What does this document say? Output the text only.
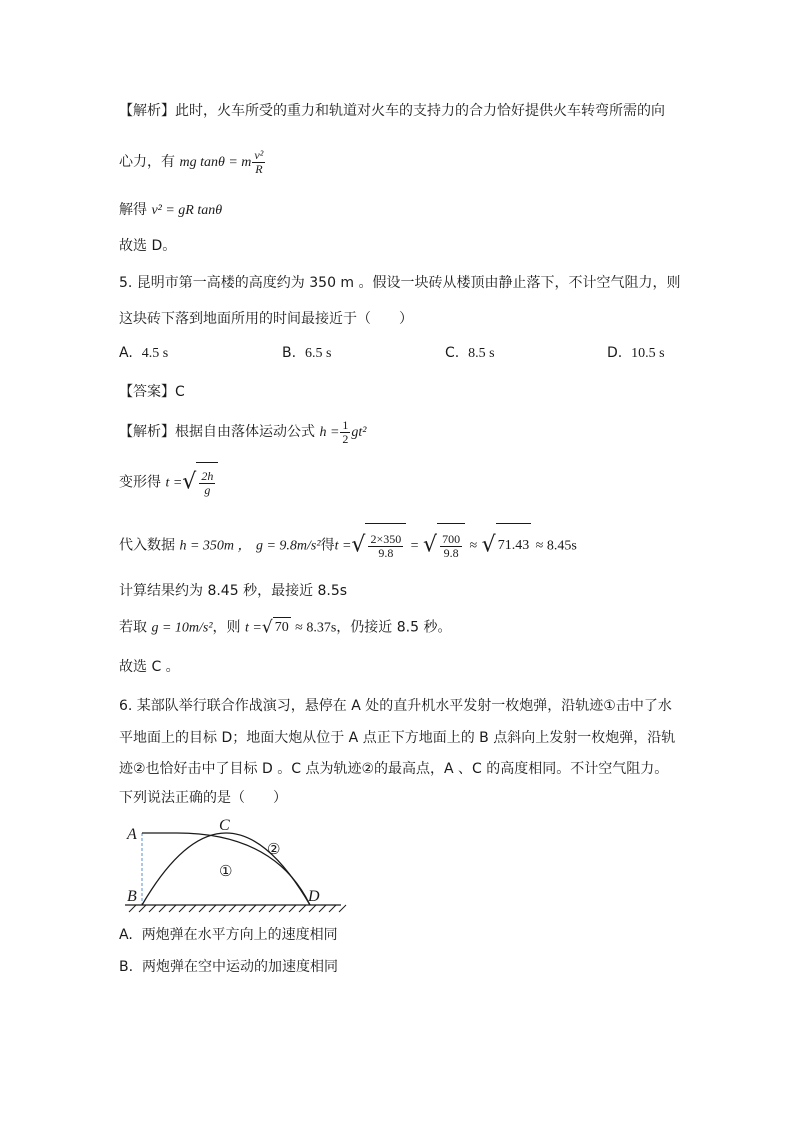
【解析】此时，火车所受的重力和轨道对火车的支持力的合力恰好提供火车转弯所需的向
心力，有 mg tanθ = m $\frac{\text{v²}}{R}$
解得 v² = gR tanθ
故选 D。
5. 昆明市第一高楼的高度约为 350 m 。假设一块砖从楼顶由静止落下，不计空气阻力，则
这块砖下落到地面所用的时间最接近于（　　）
A. 4.5 s	B. 6.5 s	C. 8.5 s	D. 10.5 s
【答案】C
【解析】根据自由落体运动公式 $h = \frac{1}{2} gt^2$
变形得 t =√ $\frac{2h}{g}$
代入数据 h = 350m ， g = 9.8m/s²得t =√ $\frac{2\times 350}{9.8}$ = √ $\frac{700}{9.8}$ ≈ √ 71.43 ≈ 8.45s
计算结果约为 8.45 秒，最接近 8.5s
若取 g = 10m/s²，则 t =√ 70 ≈ 8.37s，仍接近 8.5 秒。
故选 C 。
6. 某部队举行联合作战演习，悬停在 A 处的直升机水平发射一枚炮弹，沿轨迹①击中了水
平地面上的目标 D；地面大炮从位于 A 点正下方地面上的 B 点斜向上发射一枚炮弹，沿轨
迹②也恰好击中了目标 D 。C 点为轨迹②的最高点，A 、C 的高度相同。不计空气阻力。
下列说法正确的是（　　）
A
B
C
D
①
②
A. 两炮弹在水平方向上的速度相同
B. 两炮弹在空中运动的加速度相同
